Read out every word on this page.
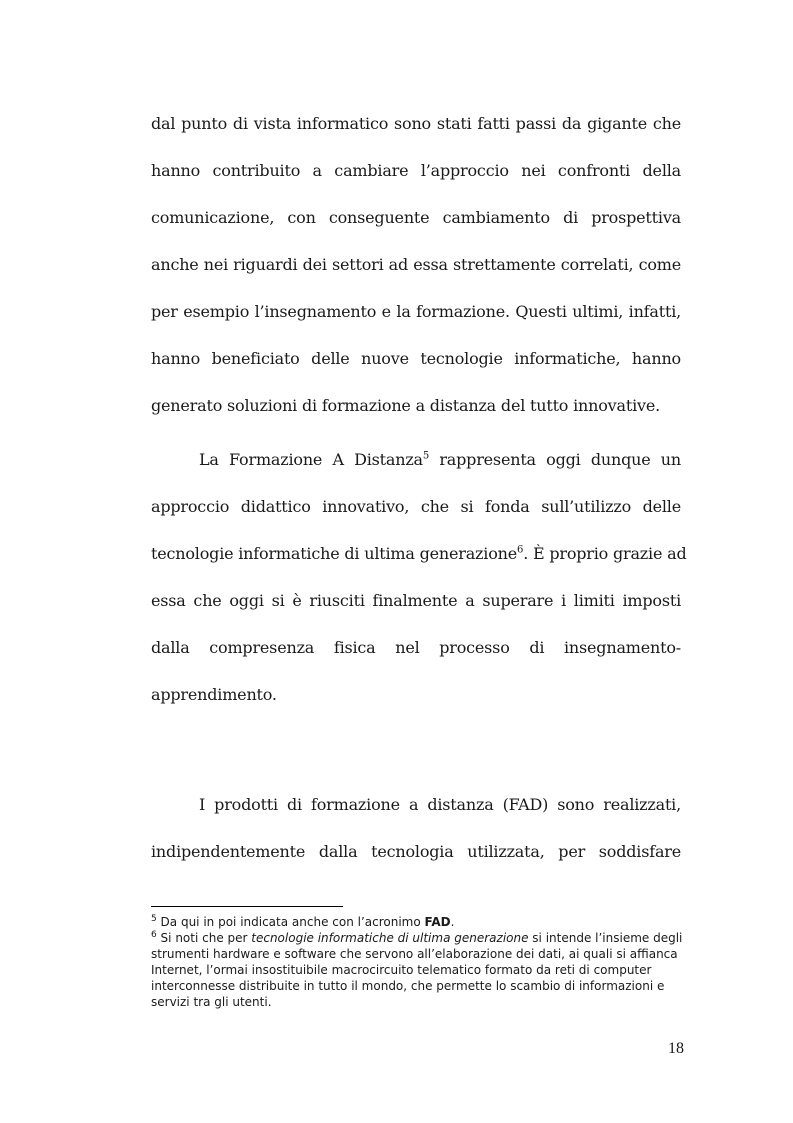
dal punto di vista informatico sono stati fatti passi da gigante che
hanno contribuito a cambiare l’approccio nei confronti della
comunicazione, con conseguente cambiamento di prospettiva
anche nei riguardi dei settori ad essa strettamente correlati, come
per esempio l’insegnamento e la formazione. Questi ultimi, infatti,
hanno beneficiato delle nuove tecnologie informatiche, hanno
generato soluzioni di formazione a distanza del tutto innovative.
La Formazione A Distanza$^5$ rappresenta oggi dunque un
approccio didattico innovativo, che si fonda sull’utilizzo delle
tecnologie informatiche di ultima generazione$^6$. È proprio grazie ad
essa che oggi si è riusciti finalmente a superare i limiti imposti
dalla compresenza fisica nel processo di insegnamento-
apprendimento.
I prodotti di formazione a distanza (FAD) sono realizzati,
indipendentemente dalla tecnologia utilizzata, per soddisfare

$^5$ Da qui in poi indicata anche con l’acronimo FAD.

$^6$ Si noti che per tecnologie informatiche di ultima generazione si intende l’insieme degli strumenti hardware e software che servono all’elaborazione dei dati, ai quali si affianca Internet, l’ormai insostituibile macrocircuito telematico formato da reti di computer interconnesse distribuite in tutto il mondo, che permette lo scambio di informazioni e servizi tra gli utenti.

18
